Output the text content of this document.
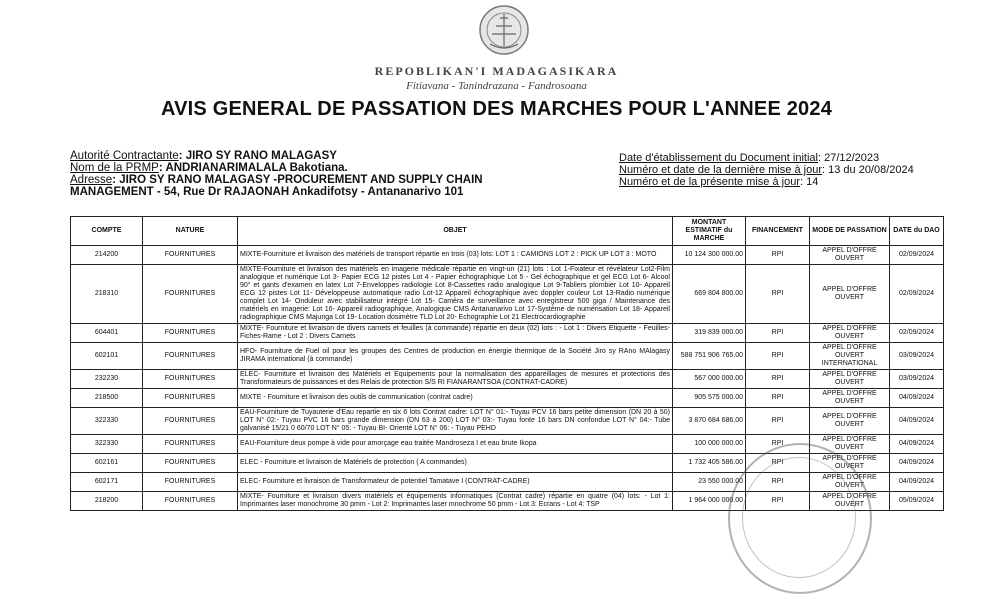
REPOBLIKAN'I MADAGASIKARA
Fitiavana - Tanindrazana - Fandrosoana
AVIS GENERAL DE PASSATION DES MARCHES POUR L'ANNEE 2024
Autorité Contractante: JIRO SY RANO MALAGASY
Nom de la PRMP: ANDRIANARIMALALA Bakotiana.
Adresse: JIRO SY RANO MALAGASY -PROCUREMENT AND SUPPLY CHAIN
MANAGEMENT - 54, Rue Dr RAJAONAH Ankadifotsy - Antananarivo 101
Date d'établissement du Document initial: 27/12/2023
Numéro et date de la dernière mise à jour: 13 du 20/08/2024
Numéro et de la présente mise à jour: 14
COMPTE	NATURE	OBJET	MONTANT ESTIMATIF du MARCHE	FINANCEMENT	MODE DE PASSATION	DATE du DAO
214200	FOURNITURES	MIXTE-Fourniture et livraison des matériels de transport répartie en trois (03) lots: LOT 1 : CAMIONS LOT 2 : PICK UP LOT 3 : MOTO	10 124 300 000.00	RPI	APPEL D'OFFRE OUVERT	02/09/2024
218310	FOURNITURES	MIXTE-Fourniture et livraison des matériels en imagerie médicale répartie en vingt-un (21) lots : Lot 1-Fixateur et révélateur Lot2-Film analogique et numérique Lot 3- Papier ECG 12 pistes Lot 4 - Papier échographique Lot 5 - Gel échographique et gel ECG Lot 6- Alcool 90° et gants d'examen en latex Lot 7-Enveloppes radiologie Lot 8-Cassettes radio analogique Lot 9-Tabliers plombier Lot 10- Appareil ECG 12 pistes Lot 11- Développeuse automatique radio Lot-12 Appareil échographique avec doppler couleur Lot 13-Radio numérique complet Lot 14- Onduleur avec stabilisateur intégré Lot 15- Caméra de surveillance avec enregistreur 500 giga / Maintenance des matériels en imagerie: Lot 16- Appareil radiographique, Analogique CMS Antananarivo Lot 17-Système de numérisation Lot 18- Appareil radiographique CMS Majunga Lot 19- Location dosimètre TLD Lot 20- Echographie Lot 21 Electrocardiographie	669 804 800.00	RPI	APPEL D'OFFRE OUVERT	02/09/2024
604401	FOURNITURES	MIXTE- Fourniture et livraison de divers carnets et feuilles (à commande) répartie en deux (02) lots : - Lot 1 : Divers Etiquette - Feuilles- Fiches-Rame - Lot 2 : Divers Carnets	319 839 000.00	RPI	APPEL D'OFFRE OUVERT	02/09/2024
602101	FOURNITURES	HFO- Fourniture de Fuel oil pour les groupes des Centres de production en énergie thermique de la Société Jiro sy RAno MAlagasy JIRAMA international (à commande)	588 751 906 765.00	RPI	APPEL D'OFFRE OUVERT INTERNATIONAL	03/09/2024
232230	FOURNITURES	ELEC- Fourniture et livraison des Matériels et Equipements pour la normalisation des appareillages de mesures et protections des Transformateurs de puissances et des Relais de protection S/S RI FIANARANTSOA (CONTRAT-CADRE)	567 000 000.00	RPI	APPEL D'OFFRE OUVERT	03/09/2024
218500	FOURNITURES	MIXTE - Fourniture et livraison des outils de communication (contrat cadre)	905 575 000.00	RPI	APPEL D'OFFRE OUVERT	04/09/2024
322330	FOURNITURES	EAU-Fourniture de Tuyauterie d'Eau repartie en six 6 lots Contrat cadre: LOT N° 01:- Tuyau PCV 16 bars petite dimension (DN 20 à 50) LOT N° 02:- Tuyau PVC 16 bars grande dimension (DN 63 à 200) LOT N° 03:- Tuyau fonte 16 bars DN confondue LOT N° 04:- Tube galvanisé 15/21 0 60/70 LOT N° 05: - Tuyau BI- Orienté LOT N° 06: - Tuyau PEHD	3 870 684 686.00	RPI	APPEL D'OFFRE OUVERT	04/09/2024
322330	FOURNITURES	EAU-Fourniture deux pompe à vide pour amorçage eau traitée Mandroseza I et eau brute Ikopa	100 000 000.00	RPI	APPEL D'OFFRE OUVERT	04/09/2024
602161	FOURNITURES	ELEC - Fourniture et livraison de Matériels de protection ( A commandes)	1 732 405 586.00	RPI	APPEL D'OFFRE OUVERT	04/09/2024
602171	FOURNITURES	ELEC- Fourniture et livraison de Transformateur de potentiel Tamatave I (CONTRAT-CADRE)	23 550 000.00	RPI	APPEL D'OFFRE OUVERT	04/09/2024
218200	FOURNITURES	MIXTE- Fourniture et livraison divers matériels et équipements informatiques (Contrat cadre) répartie en quatre (04) lots: - Lot 1: Imprimantes laser monochrome 30 pmm - Lot 2: Imprimantes laser mnochrome 50 pmm - Lot 3: Ecrans - Lot 4: TSP	1 964 000 000.00	RPI	APPEL D'OFFRE OUVERT	05/09/2024
